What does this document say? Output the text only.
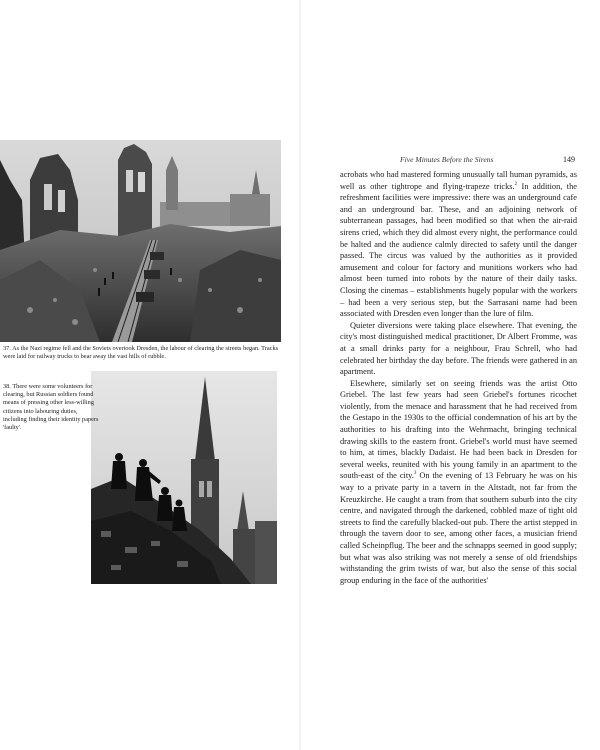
37. As the Nazi regime fell and the Soviets overtook Dresden, the labour of clearing the streets began. Tracks were laid for railway trucks to bear away the vast hills of rubble.
38. There were some volunteers for clearing, but Russian soldiers found means of pressing other less-willing citizens into labouring duties, including finding their identity papers 'faulty'.
Five Minutes Before the Sirens	149

acrobats who had mastered forming unusually tall human pyramids, as well as other tightrope and flying-trapeze tricks.$^2$ In addition, the refreshment facilities were impressive: there was an underground cafe and an underground bar. These, and an adjoining network of subterranean passages, had been modified so that when the air-raid sirens cried, which they did almost every night, the performance could be halted and the audience calmly directed to safety until the danger passed. The circus was valued by the authorities as it provided amusement and colour for factory and munitions workers who had almost been turned into robots by the nature of their daily tasks. Closing the cinemas – establishments hugely popular with the workers – had been a very serious step, but the Sarrasani name had been associated with Dresden even longer than the lure of film.

Quieter diversions were taking place elsewhere. That evening, the city's most distinguished medical practitioner, Dr Albert Fromme, was at a small drinks party for a neighbour, Frau Schrell, who had celebrated her birthday the day before. The friends were gathered in an apartment.

Elsewhere, similarly set on seeing friends was the artist Otto Griebel. The last few years had seen Griebel's fortunes ricochet violently, from the menace and harassment that he had received from the Gestapo in the 1930s to the official condemnation of his art by the authorities to his drafting into the Wehrmacht, bringing technical drawing skills to the eastern front. Griebel's world must have seemed to him, at times, blackly Dadaist. He had been back in Dresden for several weeks, reunited with his young family in an apartment to the south-east of the city.$^3$ On the evening of 13 February he was on his way to a private party in a tavern in the Altstadt, not far from the Kreuzkirche. He caught a tram from that southern suburb into the city centre, and navigated through the darkened, cobbled maze of tight old streets to find the carefully blacked-out pub. There the artist stepped in through the tavern door to see, among other faces, a musician friend called Scheinpflug. The beer and the schnapps seemed in good supply; but what was also striking was not merely a sense of old friendships withstanding the grim twists of war, but also the sense of this social group enduring in the face of the authorities'
